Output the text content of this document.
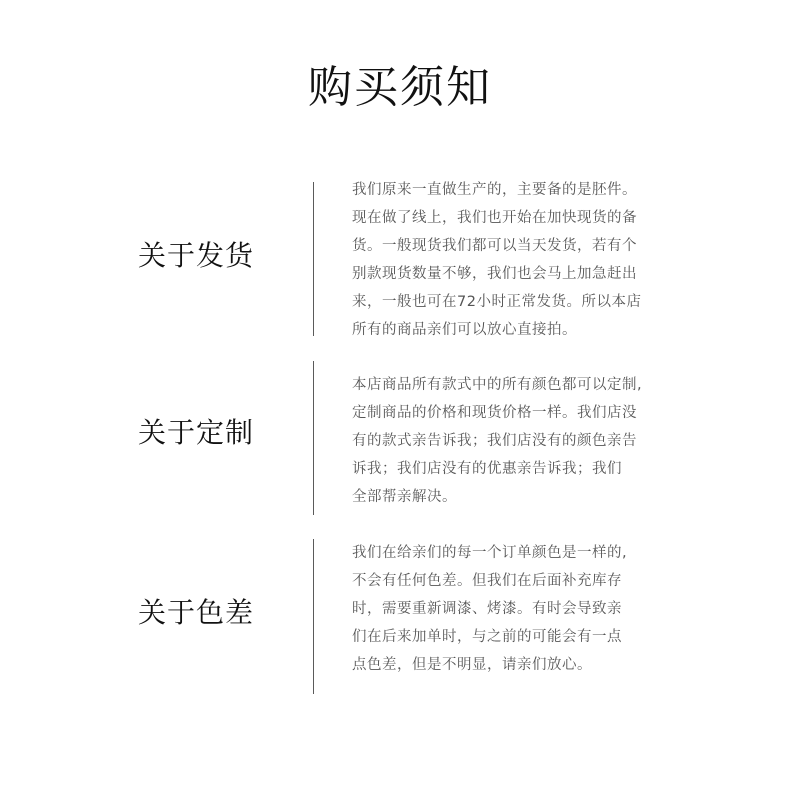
购买须知
关于发货
我们原来一直做生产的，主要备的是胚件。
现在做了线上，我们也开始在加快现货的备
货。一般现货我们都可以当天发货，若有个
别款现货数量不够，我们也会马上加急赶出
来，一般也可在72小时正常发货。所以本店
所有的商品亲们可以放心直接拍。
关于定制
本店商品所有款式中的所有颜色都可以定制,
定制商品的价格和现货价格一样。我们店没
有的款式亲告诉我；我们店没有的颜色亲告
诉我；我们店没有的优惠亲告诉我；我们
全部帮亲解决。
关于色差
我们在给亲们的每一个订单颜色是一样的,
不会有任何色差。但我们在后面补充库存
时，需要重新调漆、烤漆。有时会导致亲
们在后来加单时，与之前的可能会有一点
点色差，但是不明显，请亲们放心。
